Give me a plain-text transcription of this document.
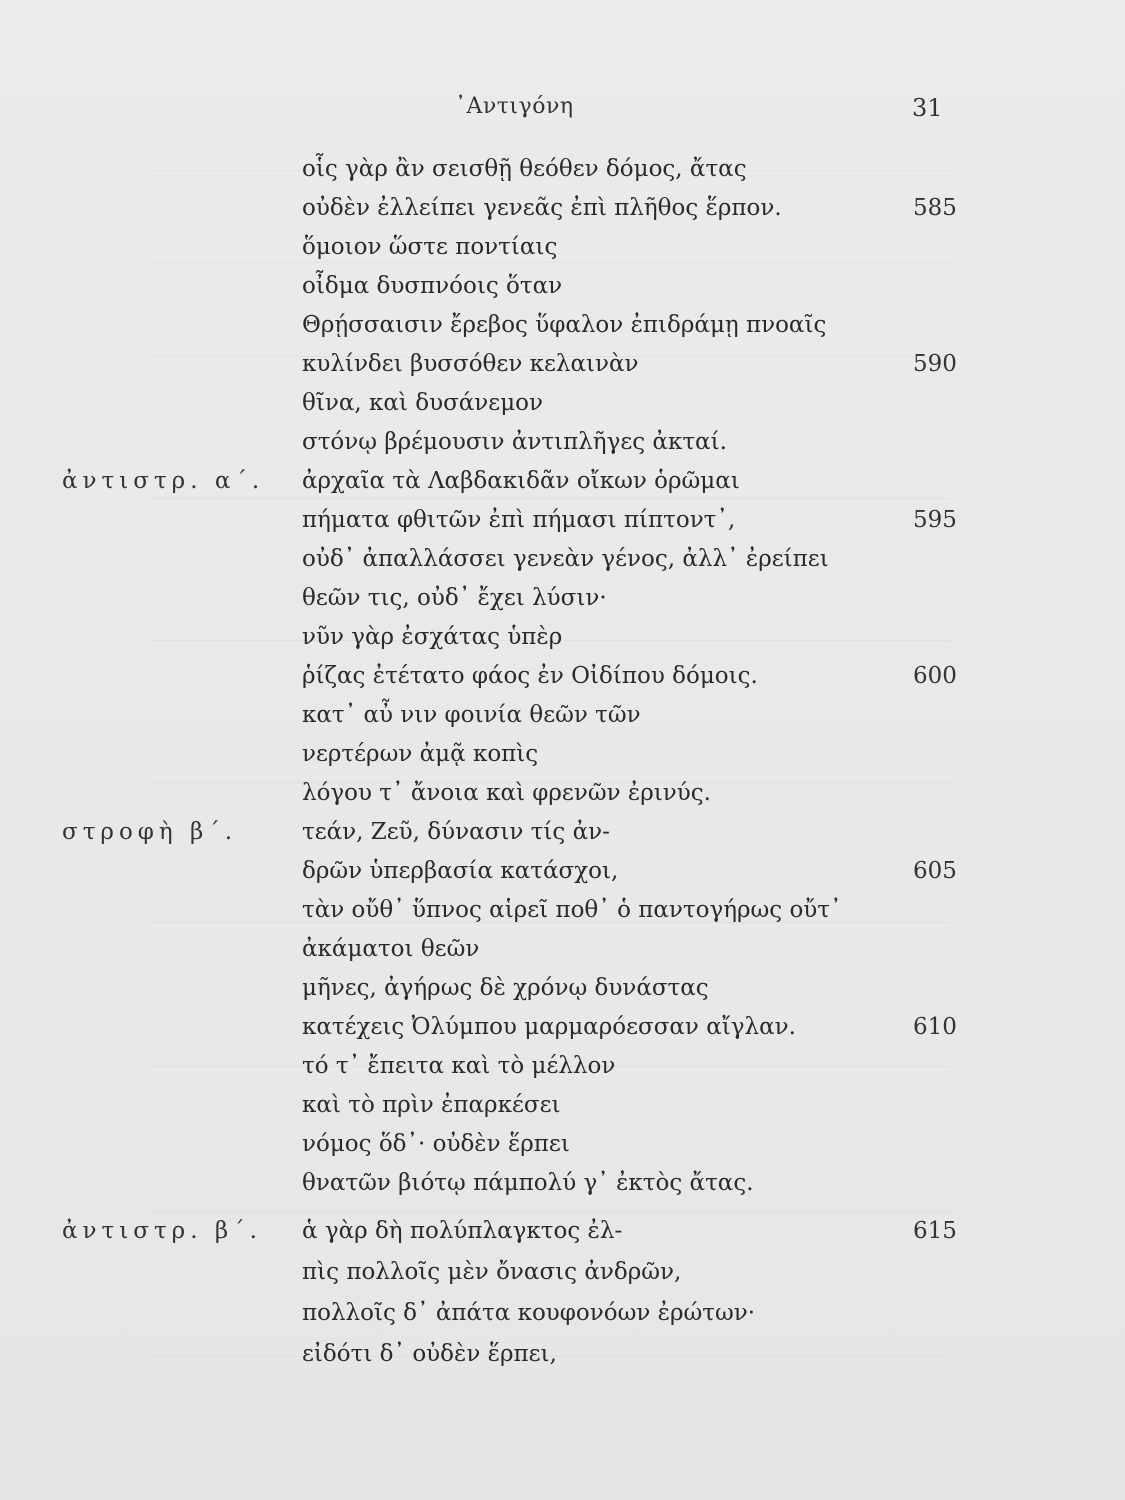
᾿Αντιγόνη	31
οἷς γὰρ ἂν σεισθῇ θεόθεν δόμος, ἄτας
οὐδὲν ἐλλείπει γενεᾶς ἐπὶ πλῆθος ἕρπον.	585
ὅμοιον ὥστε ποντίαις
οἶδμα δυσπνόοις ὅταν
Θρῄσσαισιν ἔρεβος ὕφαλον ἐπιδράμῃ πνοαῖς
κυλίνδει βυσσόθεν κελαινὰν	590
θῖνα, καὶ δυσάνεμον
στόνῳ βρέμουσιν ἀντιπλῆγες ἀκταί.
ἀντιστρ. α΄. ἀρχαῖα τὰ Λαβδακιδᾶν οἴκων ὁρῶμαι
πήματα φθιτῶν ἐπὶ πήμασι πίπτοντ᾽,	595
οὐδ᾽ ἀπαλλάσσει γενεὰν γένος, ἀλλ᾽ ἐρείπει
θεῶν τις, οὐδ᾽ ἔχει λύσιν·
νῦν γὰρ ἐσχάτας ὑπὲρ
ῥίζας ἐτέτατο φάος ἐν Οἰδίπου δόμοις.	600
κατ᾽ αὖ νιν φοινία θεῶν τῶν
νερτέρων ἀμᾷ κοπὶς
λόγου τ᾽ ἄνοια καὶ φρενῶν ἐρινύς.
στροφὴ β΄.	τεάν, Ζεῦ, δύνασιν τίς ἀν-
δρῶν ὑπερβασία κατάσχοι,	605
τὰν οὔθ᾽ ὕπνος αἱρεῖ ποθ᾽ ὁ παντογήρως οὔτ᾽
ἀκάματοι θεῶν
μῆνες, ἀγήρως δὲ χρόνῳ δυνάστας
κατέχεις Ὀλύμπου μαρμαρόεσσαν αἴγλαν.	610
τό τ᾽ ἔπειτα καὶ τὸ μέλλον
καὶ τὸ πρὶν ἐπαρκέσει
νόμος ὅδ᾽· οὐδὲν ἕρπει
θνατῶν βιότῳ πάμπολύ γ᾽ ἐκτὸς ἄτας.
ἀντιστρ. β΄. ἁ γὰρ δὴ πολύπλαγκτος ἐλ-	615
πὶς πολλοῖς μὲν ὄνασις ἀνδρῶν,
πολλοῖς δ᾽ ἀπάτα κουφονόων ἐρώτων·
εἰδότι δ᾽ οὐδὲν ἕρπει,
